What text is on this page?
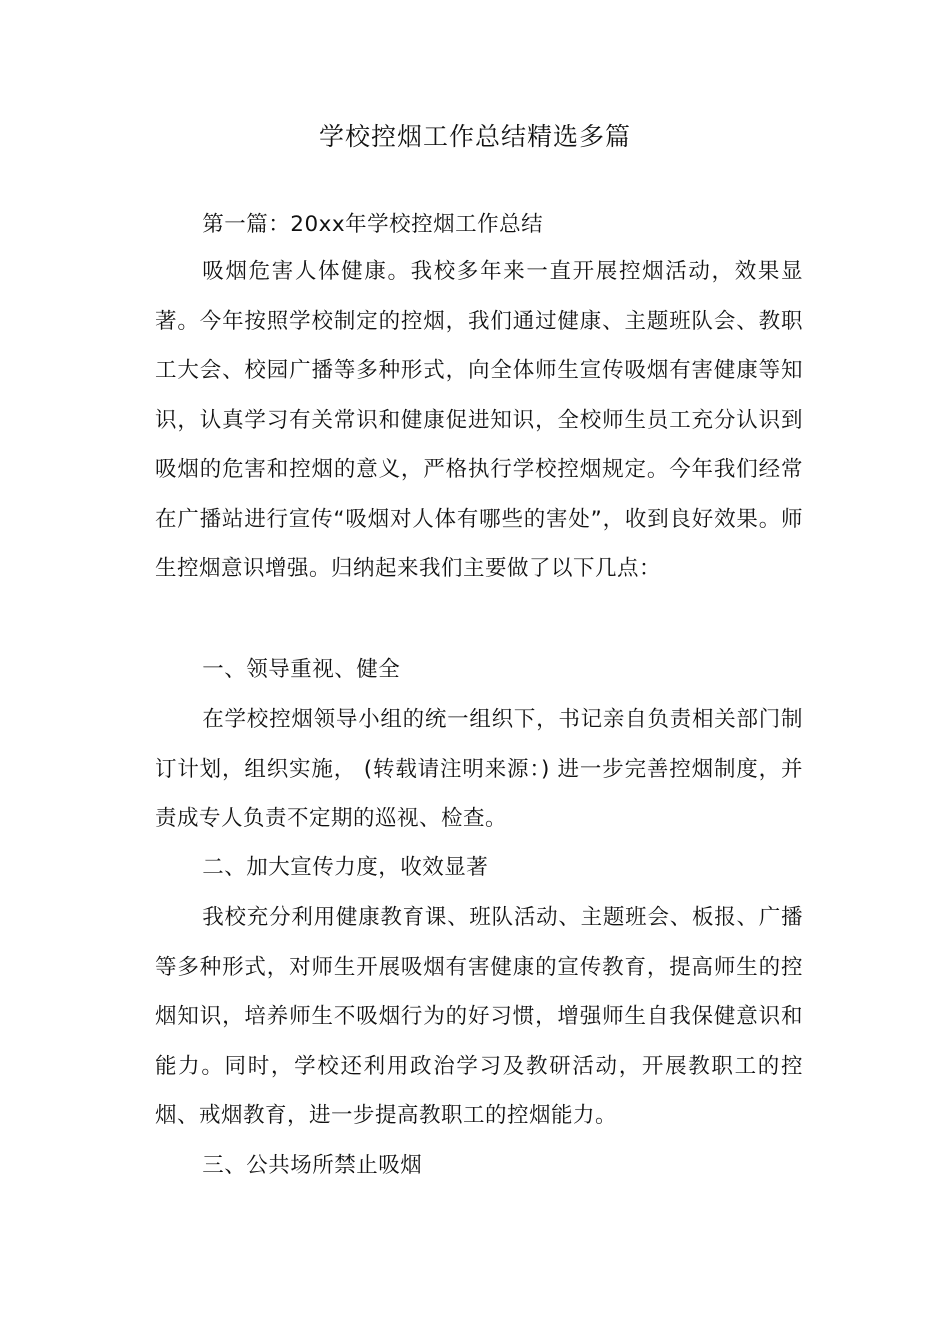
学校控烟工作总结精选多篇

第一篇：20xx年学校控烟工作总结

吸烟危害人体健康。我校多年来一直开展控烟活动，效果显著。今年按照学校制定的控烟，我们通过健康、主题班队会、教职工大会、校园广播等多种形式，向全体师生宣传吸烟有害健康等知识，认真学习有关常识和健康促进知识，全校师生员工充分认识到吸烟的危害和控烟的意义，严格执行学校控烟规定。今年我们经常在广播站进行宣传“吸烟对人体有哪些的害处”，收到良好效果。师生控烟意识增强。归纳起来我们主要做了以下几点：

一、领导重视、健全

在学校控烟领导小组的统一组织下，书记亲自负责相关部门制订计划，组织实施， (转载请注明来源：) 进一步完善控烟制度，并责成专人负责不定期的巡视、检查。

二、加大宣传力度，收效显著

我校充分利用健康教育课、班队活动、主题班会、板报、广播等多种形式，对师生开展吸烟有害健康的宣传教育，提高师生的控烟知识，培养师生不吸烟行为的好习惯，增强师生自我保健意识和能力。同时，学校还利用政治学习及教研活动，开展教职工的控烟、戒烟教育，进一步提高教职工的控烟能力。

三、公共场所禁止吸烟
